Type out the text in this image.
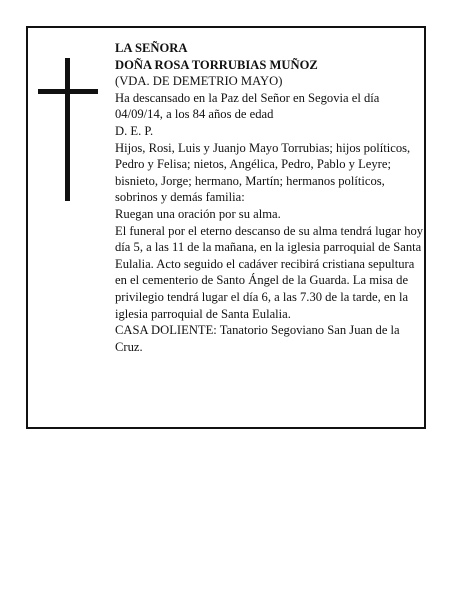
LA SEÑORA

DOÑA ROSA TORRUBIAS MUÑOZ

(VDA. DE DEMETRIO MAYO)

Ha descansado en la Paz del Señor en Segovia el día 04/09/14, a los 84 años de edad

D. E. P.

Hijos, Rosi, Luis y Juanjo Mayo Torrubias; hijos políticos, Pedro y Felisa; nietos, Angélica, Pedro, Pablo y Leyre; bisnieto, Jorge; hermano, Martín; hermanos políticos, sobrinos y demás familia:

Ruegan una oración por su alma.

El funeral por el eterno descanso de su alma tendrá lugar hoy día 5, a las 11 de la mañana, en la iglesia parroquial de Santa Eulalia. Acto seguido el cadáver recibirá cristiana sepultura en el cementerio de Santo Ángel de la Guarda. La misa de privilegio tendrá lugar el día 6, a las 7.30 de la tarde, en la iglesia parroquial de Santa Eulalia.

CASA DOLIENTE: Tanatorio Segoviano San Juan de la Cruz.
